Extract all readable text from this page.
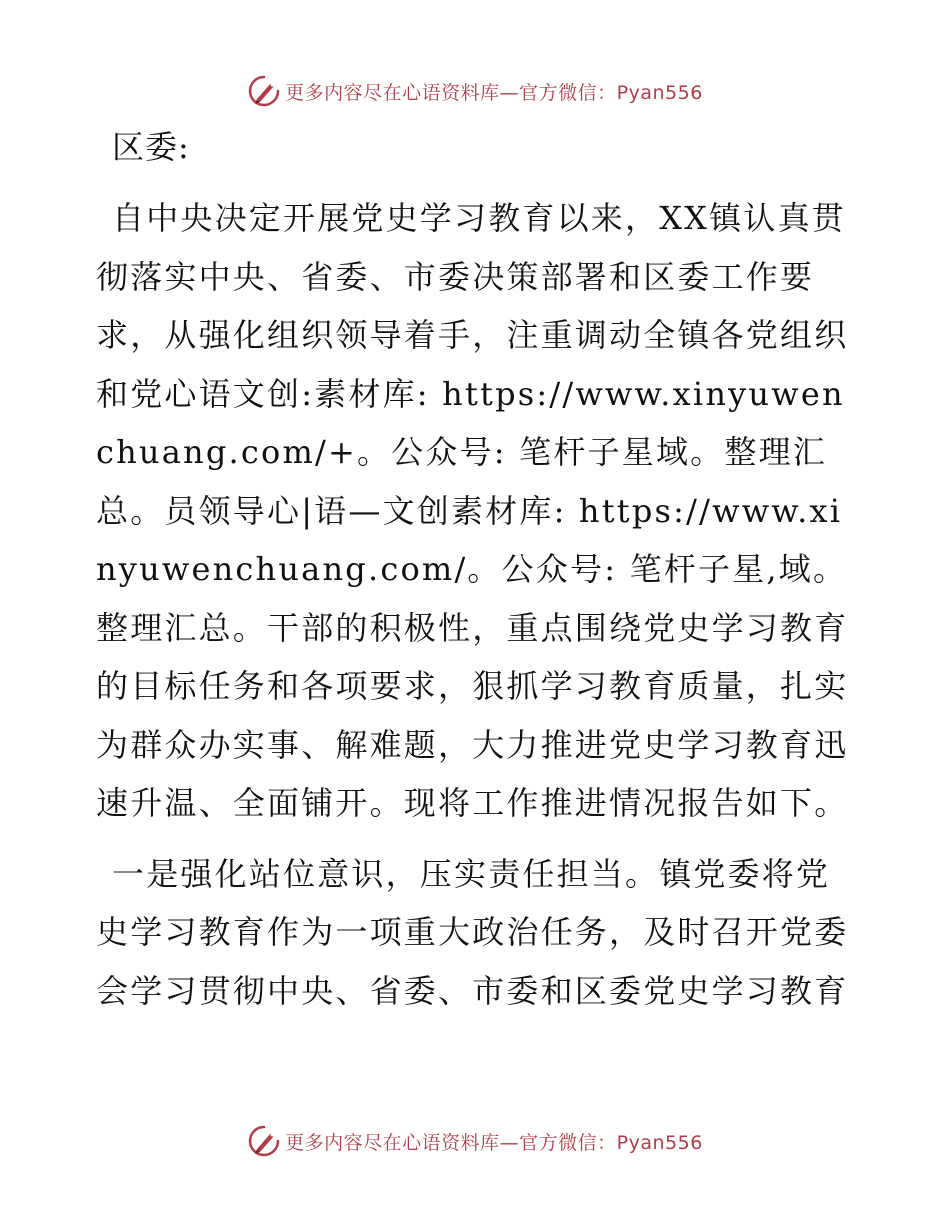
更多内容尽在心语资料库—官方微信：Pyan556
区委:

自中央决定开展党史学习教育以来，XX镇认真贯彻落实中央、省委、市委决策部署和区委工作要求，从强化组织领导着手，注重调动全镇各党组织和党心语文创:素材库: https://www.xinyuwenchuang.com/+。公众号: 笔杆子星域。整理汇总。员领导心|语—文创素材库: https://www.xinyuwenchuang.com/。公众号: 笔杆子星,域。整理汇总。干部的积极性，重点围绕党史学习教育的目标任务和各项要求，狠抓学习教育质量，扎实为群众办实事、解难题，大力推进党史学习教育迅速升温、全面铺开。现将工作推进情况报告如下。

一是强化站位意识，压实责任担当。镇党委将党史学习教育作为一项重大政治任务，及时召开党委会学习贯彻中央、省委、市委和区委党史学习教育

更多内容尽在心语资料库—官方微信：Pyan556
